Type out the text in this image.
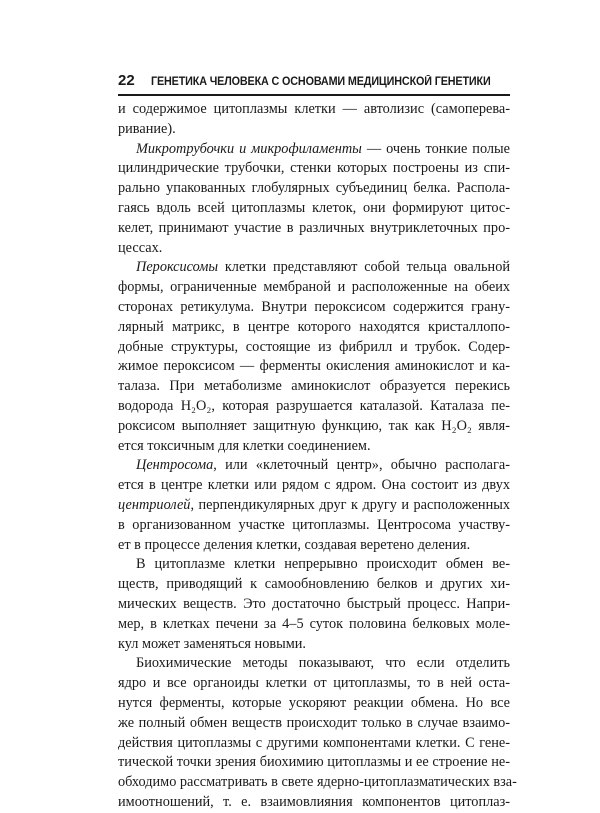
22	ГЕНЕТИКА ЧЕЛОВЕКА С ОСНОВАМИ МЕДИЦИНСКОЙ ГЕНЕТИКИ
и содержимое цитоплазмы клетки — автолизис (самоперева-
ривание).
Микротрубочки и микрофиламенты — очень тонкие полые
цилиндрические трубочки, стенки которых построены из спи-
рально упакованных глобулярных субъединиц белка. Распола-
гаясь вдоль всей цитоплазмы клеток, они формируют цитос-
келет, принимают участие в различных внутриклеточных про-
цессах.
Пероксисомы клетки представляют собой тельца овальной
формы, ограниченные мембраной и расположенные на обеих
сторонах ретикулума. Внутри пероксисом содержится грану-
лярный матрикс, в центре которого находятся кристаллопо-
добные структуры, состоящие из фибрилл и трубок. Содер-
жимое пероксисом — ферменты окисления аминокислот и ка-
талаза. При метаболизме аминокислот образуется перекись
водорода Н₂О₂, которая разрушается каталазой. Каталаза пе-
роксисом выполняет защитную функцию, так как Н₂О₂ явля-
ется токсичным для клетки соединением.
Центросома, или «клеточный центр», обычно располага-
ется в центре клетки или рядом с ядром. Она состоит из двух
центриолей, перпендикулярных друг к другу и расположенных
в организованном участке цитоплазмы. Центросома участву-
ет в процессе деления клетки, создавая веретено деления.
В цитоплазме клетки непрерывно происходит обмен ве-
ществ, приводящий к самообновлению белков и других хи-
мических веществ. Это достаточно быстрый процесс. Напри-
мер, в клетках печени за 4–5 суток половина белковых моле-
кул может заменяться новыми.
Биохимические методы показывают, что если отделить
ядро и все органоиды клетки от цитоплазмы, то в ней оста-
нутся ферменты, которые ускоряют реакции обмена. Но все
же полный обмен веществ происходит только в случае взаимо-
действия цитоплазмы с другими компонентами клетки. С гене-
тической точки зрения биохимию цитоплазмы и ее строение не-
обходимо рассматривать в свете ядерно-цитоплазматических вза-
имоотношений, т. е. взаимовлияния компонентов цитоплаз-
